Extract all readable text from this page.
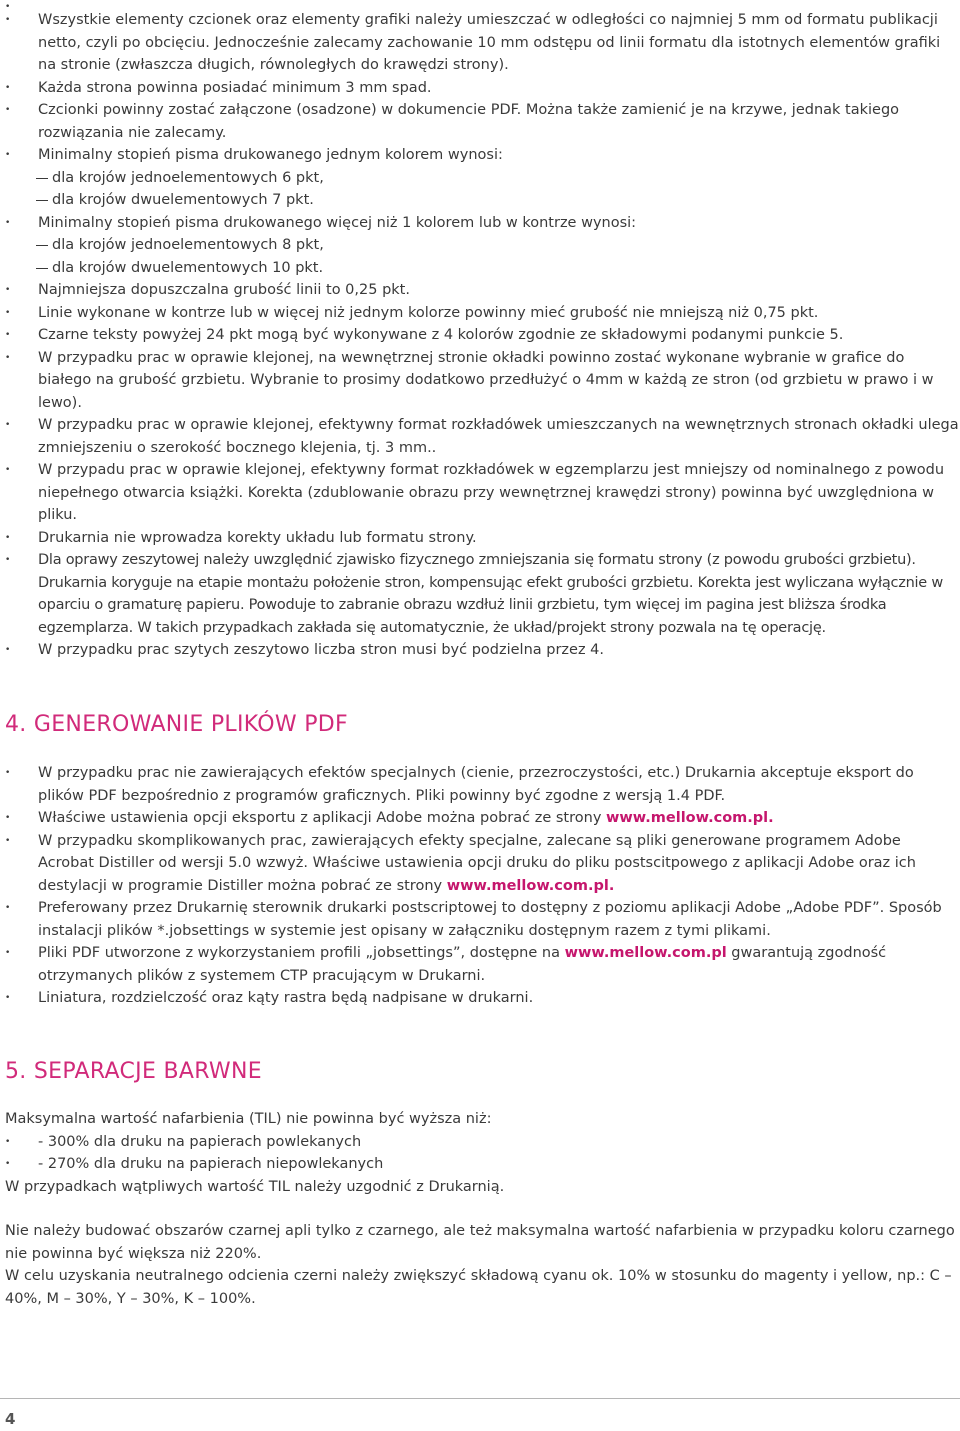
•
• Wszystkie elementy czcionek oraz elementy grafiki należy umieszczać w odległości co najmniej 5 mm od formatu publikacji netto, czyli po obcięciu. Jednocześnie zalecamy zachowanie 10 mm odstępu od linii formatu dla istotnych elementów grafiki na stronie (zwłaszcza długich, równoległych do krawędzi strony).
• Każda strona powinna posiadać minimum 3 mm spad.
• Czcionki powinny zostać załączone (osadzone) w dokumencie PDF. Można także zamienić je na krzywe, jednak takiego rozwiązania nie zalecamy.
• Minimalny stopień pisma drukowanego jednym kolorem wynosi:
dla krojów jednoelementowych 6 pkt,
dla krojów dwuelementowych 7 pkt.
• Minimalny stopień pisma drukowanego więcej niż 1 kolorem lub w kontrze wynosi:
dla krojów jednoelementowych 8 pkt,
dla krojów dwuelementowych 10 pkt.
• Najmniejsza dopuszczalna grubość linii to 0,25 pkt.
• Linie wykonane w kontrze lub w więcej niż jednym kolorze powinny mieć grubość nie mniejszą niż 0,75 pkt.
• Czarne teksty powyżej 24 pkt mogą być wykonywane z 4 kolorów zgodnie ze składowymi podanymi punkcie 5.
• W przypadku prac w oprawie klejonej, na wewnętrznej stronie okładki powinno zostać wykonane wybranie w grafice do białego na grubość grzbietu. Wybranie to prosimy dodatkowo przedłużyć o 4mm w każdą ze stron (od grzbietu w prawo i w lewo).
• W przypadku prac w oprawie klejonej, efektywny format rozkładówek umieszczanych na wewnętrznych stronach okładki ulega zmniejszeniu o szerokość bocznego klejenia, tj. 3 mm..
• W przypadu prac w oprawie klejonej, efektywny format rozkładówek w egzemplarzu jest mniejszy od nominalnego z powodu niepełnego otwarcia książki. Korekta (zdublowanie obrazu przy wewnętrznej krawędzi strony) powinna być uwzględniona w pliku.
• Drukarnia nie wprowadza korekty układu lub formatu strony.
• Dla oprawy zeszytowej należy uwzględnić zjawisko fizycznego zmniejszania się formatu strony (z powodu grubości grzbietu). Drukarnia koryguje na etapie montażu położenie stron, kompensując efekt grubości grzbietu. Korekta jest wyliczana wyłącznie w oparciu o gramaturę papieru. Powoduje to zabranie obrazu wzdłuż linii grzbietu, tym więcej im pagina jest bliższa środka egzemplarza. W takich przypadkach zakłada się automatycznie, że układ/projekt strony pozwala na tę operację.
• W przypadku prac szytych zeszytowo liczba stron musi być podzielna przez 4.
4. GENEROWANIE PLIKÓW PDF
• W przypadku prac nie zawierających efektów specjalnych (cienie, przezroczystości, etc.) Drukarnia akceptuje eksport do plików PDF bezpośrednio z programów graficznych. Pliki powinny być zgodne z wersją 1.4 PDF.
• Właściwe ustawienia opcji eksportu z aplikacji Adobe można pobrać ze strony www.mellow.com.pl.
• W przypadku skomplikowanych prac, zawierających efekty specjalne, zalecane są pliki generowane programem Adobe Acrobat Distiller od wersji 5.0 wzwyż. Właściwe ustawienia opcji druku do pliku postscitpowego z aplikacji Adobe oraz ich destylacji w programie Distiller można pobrać ze strony www.mellow.com.pl.
• Preferowany przez Drukarnię sterownik drukarki postscriptowej to dostępny z poziomu aplikacji Adobe „Adobe PDF”. Sposób instalacji plików *.jobsettings w systemie jest opisany w załączniku dostępnym razem z tymi plikami.
• Pliki PDF utworzone z wykorzystaniem profili „jobsettings”, dostępne na www.mellow.com.pl gwarantują zgodność otrzymanych plików z systemem CTP pracującym w Drukarni.
• Liniatura, rozdzielczość oraz kąty rastra będą nadpisane w drukarni.
5. SEPARACJE BARWNE

Maksymalna wartość nafarbienia (TIL) nie powinna być wyższa niż:

• - 300% dla druku na papierach powlekanych
• - 270% dla druku na papierach niepowlekanych

W przypadkach wątpliwych wartość TIL należy uzgodnić z Drukarnią.

Nie należy budować obszarów czarnej apli tylko z czarnego, ale też maksymalna wartość nafarbienia w przypadku koloru czarnego nie powinna być większa niż 220%.

W celu uzyskania neutralnego odcienia czerni należy zwiększyć składową cyanu ok. 10% w stosunku do magenty i yellow, np.: C – 40%, M – 30%, Y – 30%, K – 100%.

4
